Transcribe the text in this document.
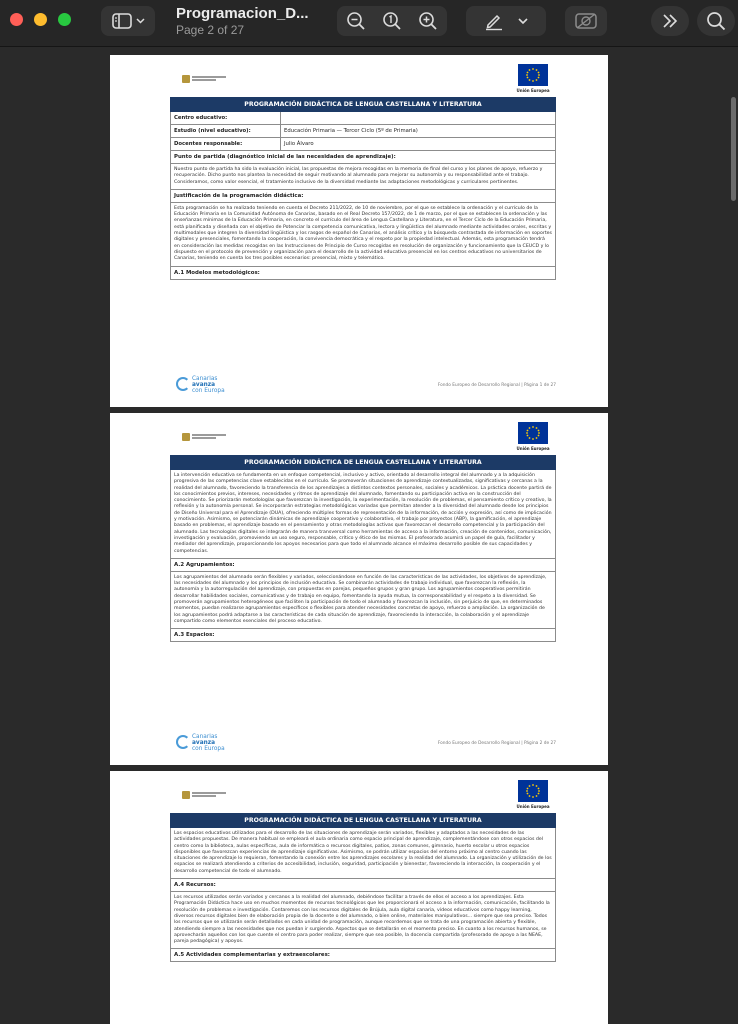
Programacion_D...
Page 2 of 27
Unión Europea
PROGRAMACIÓN DIDÁCTICA DE LENGUA CASTELLANA Y LITERATURA
Centro educativo:
Estudio (nivel educativo):	Educación Primaria — Tercer Ciclo (5º de Primaria)
Docentes responsable:	Julio Álvaro
Punto de partida (diagnóstico inicial de las necesidades de aprendizaje):

Nuestro punto de partida ha sido la evaluación inicial, las propuestas de mejora recogidas en la memoria de final del curso y los planes de apoyo, refuerzo y recuperación. Dicho punto nos plantea la necesidad de seguir motivando al alumnado para mejorar su autonomía y su responsabilidad ante el trabajo. Consideramos, como valor esencial, el tratamiento inclusivo de la diversidad mediante las adaptaciones metodológicas y curriculares pertinentes.

Justificación de la programación didáctica:

Esta programación se ha realizado teniendo en cuenta el Decreto 211/2022, de 10 de noviembre, por el que se establece la ordenación y el currículo de la Educación Primaria en la Comunidad Autónoma de Canarias, basado en el Real Decreto 157/2022, de 1 de marzo, por el que se establecen la ordenación y las enseñanzas mínimas de la Educación Primaria, en concreto el currículo del área de Lengua Castellana y Literatura, en el Tercer Ciclo de la Educación Primaria, está planificada y diseñada con el objetivo de Potenciar la competencia comunicativa, lectora y lingüística del alumnado mediante actividades orales, escritas y multimodales que integren la diversidad lingüística y los rasgos de español de Canarias, el análisis crítico y la búsqueda contrastada de información en soportes digitales y presenciales, fomentando la cooperación, la convivencia democrática y el respeto por la propiedad intelectual. Además, esta programación tendrá en consideración las medidas recogidas en las Instrucciones de Principio de Curso recogidas en resolución de organización y funcionamiento que la CEUCD y lo dispuesto en el protocolo de prevención y organización para el desarrollo de la actividad educativa presencial en los centros educativos no universitarios de Canarias, teniendo en cuenta los tres posibles escenarios: presencial, mixto y telemático.

A.1 Modelos metodológicos:
Canarias
avanza
con Europa
Fondo Europeo de Desarrollo Regional | Página 1 de 27
Unión Europea
PROGRAMACIÓN DIDÁCTICA DE LENGUA CASTELLANA Y LITERATURA

La intervención educativa se fundamenta en un enfoque competencial, inclusivo y activo, orientado al desarrollo integral del alumnado y a la adquisición progresiva de las competencias clave establecidas en el currículo. Se promoverán situaciones de aprendizaje contextualizadas, significativas y cercanas a la realidad del alumnado, favoreciendo la transferencia de los aprendizajes a distintos contextos personales, sociales y académicos. La práctica docente partirá de los conocimientos previos, intereses, necesidades y ritmos de aprendizaje del alumnado, fomentando su participación activa en la construcción del conocimiento. Se priorizarán metodologías que favorezcan la investigación, la experimentación, la resolución de problemas, el pensamiento crítico y creativo, la reflexión y la autonomía personal. Se incorporarán estrategias metodológicas variadas que permitan atender a la diversidad del alumnado desde los principios de Diseño Universal para el Aprendizaje (DUA), ofreciendo múltiples formas de representación de la información, de acción y expresión, así como de implicación y motivación. Asimismo, se potenciarán dinámicas de aprendizaje cooperativo y colaborativo, el trabajo por proyectos (ABP), la gamificación, el aprendizaje basado en problemas, el aprendizaje basado en el pensamiento y otras metodologías activas que favorezcan el desarrollo competencial y la participación del alumnado. Las tecnologías digitales se integrarán de manera transversal como herramientas de acceso a la información, creación de contenidos, comunicación, investigación y evaluación, promoviendo un uso seguro, responsable, crítico y ético de las mismas. El profesorado asumirá un papel de guía, facilitador y mediador del aprendizaje, proporcionando los apoyos necesarios para que todo el alumnado alcance el máximo desarrollo posible de sus capacidades y competencias.

A.2 Agrupamientos:

Los agrupamientos del alumnado serán flexibles y variados, seleccionándose en función de las características de las actividades, los objetivos de aprendizaje, las necesidades del alumnado y los principios de inclusión educativa. Se combinarán actividades de trabajo individual, que favorezcan la reflexión, la autonomía y la autorregulación del aprendizaje, con propuestas en parejas, pequeños grupos y gran grupo. Los agrupamientos cooperativos permitirán desarrollar habilidades sociales, comunicativas y de trabajo en equipo, fomentando la ayuda mutua, la corresponsabilidad y el respeto a la diversidad. Se promoverán agrupamientos heterogéneos que faciliten la participación de todo el alumnado y favorezcan la inclusión, sin perjuicio de que, en determinados momentos, puedan realizarse agrupamientos específicos o flexibles para atender necesidades concretas de apoyo, refuerzo o ampliación. La organización de los agrupamientos podrá adaptarse a las características de cada situación de aprendizaje, favoreciendo la interacción, la colaboración y el aprendizaje compartido como elementos esenciales del proceso educativo.

A.3 Espacios:
Canarias
avanza
con Europa
Fondo Europeo de Desarrollo Regional | Página 2 de 27
Unión Europea
PROGRAMACIÓN DIDÁCTICA DE LENGUA CASTELLANA Y LITERATURA

Los espacios educativos utilizados para el desarrollo de las situaciones de aprendizaje serán variados, flexibles y adaptados a las necesidades de las actividades propuestas. De manera habitual se empleará el aula ordinaria como espacio principal de aprendizaje, complementándose con otros espacios del centro como la biblioteca, aulas específicas, aula de informática o recursos digitales, patios, zonas comunes, gimnasio, huerto escolar u otros espacios disponibles que favorezcan experiencias de aprendizaje significativas. Asimismo, se podrán utilizar espacios del entorno próximo al centro cuando las situaciones de aprendizaje lo requieran, fomentando la conexión entre los aprendizajes escolares y la realidad del alumnado. La organización y utilización de los espacios se realizará atendiendo a criterios de accesibilidad, inclusión, seguridad, participación y bienestar, favoreciendo la interacción, la cooperación y el desarrollo competencial de todo el alumnado.

A.4 Recursos:

Los recursos utilizados serán variados y cercanos a la realidad del alumnado, debiéndose facilitar a través de ellos el acceso a los aprendizajes. Esta Programación Didáctica hace uso en muchos momentos de recursos tecnológicos que les proporcionará el acceso a la información, comunicación, facilitando la resolución de problemas e investigación. Contaremos con los recursos digitales de Brújula, aula digital canaria, vídeos educativos como happy learning, diversos recursos digitales bien de elaboración propia de la docente o del alumnado, o bien online, materiales manipulativos... siempre que sea preciso. Todos los recursos que se utilizarán serán detallados en cada unidad de programación, aunque recordemos que se trata de una programación abierta y flexible, atendiendo siempre a las necesidades que nos puedan ir surgiendo. Aspectos que se detallarán en el momento preciso. En cuanto a los recursos humanos, se aprovecharán aquellos con los que cuente el centro para poder realizar, siempre que sea posible, la docencia compartida (profesorado de apoyo a las NEAE, pareja pedagógica) y apoyos.

A.5 Actividades complementarias y extraescolares:
